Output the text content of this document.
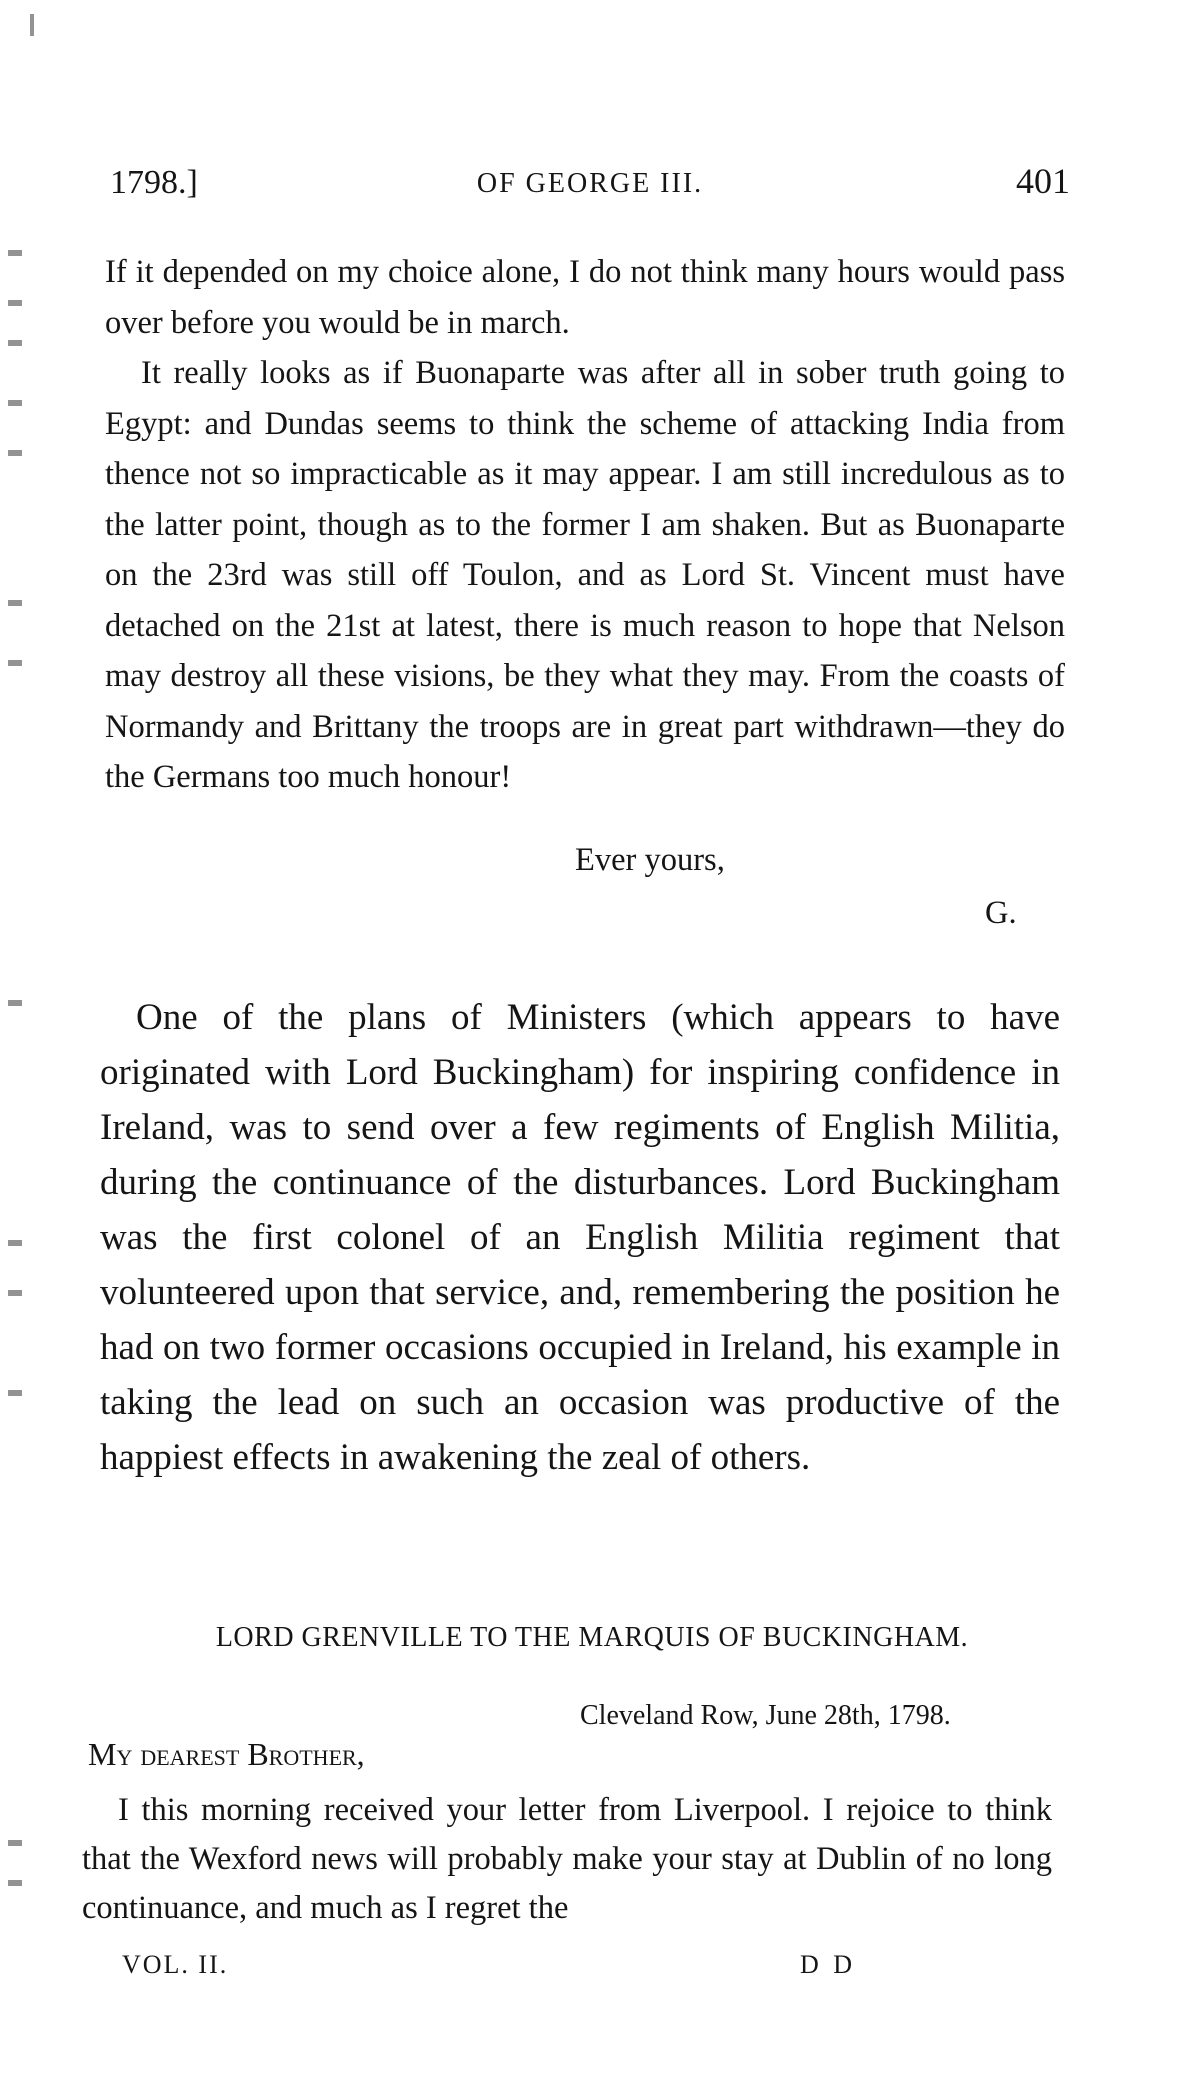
1798.]	OF GEORGE III.	401

If it depended on my choice alone, I do not think many hours would pass over before you would be in march.

It really looks as if Buonaparte was after all in sober truth going to Egypt: and Dundas seems to think the scheme of attacking India from thence not so impracticable as it may appear. I am still incredulous as to the latter point, though as to the former I am shaken. But as Buonaparte on the 23rd was still off Toulon, and as Lord St. Vincent must have detached on the 21st at latest, there is much reason to hope that Nelson may destroy all these visions, be they what they may. From the coasts of Normandy and Brittany the troops are in great part withdrawn—they do the Germans too much honour!

Ever yours,
G.

One of the plans of Ministers (which appears to have originated with Lord Buckingham) for inspiring confidence in Ireland, was to send over a few regiments of English Militia, during the continuance of the disturbances. Lord Buckingham was the first colonel of an English Militia regiment that volunteered upon that service, and, remembering the position he had on two former occasions occupied in Ireland, his example in taking the lead on such an occasion was productive of the happiest effects in awakening the zeal of others.

LORD GRENVILLE TO THE MARQUIS OF BUCKINGHAM.
Cleveland Row, June 28th, 1798.
My dearest Brother,

I this morning received your letter from Liverpool. I rejoice to think that the Wexford news will probably make your stay at Dublin of no long continuance, and much as I regret the

VOL. II.	D D
